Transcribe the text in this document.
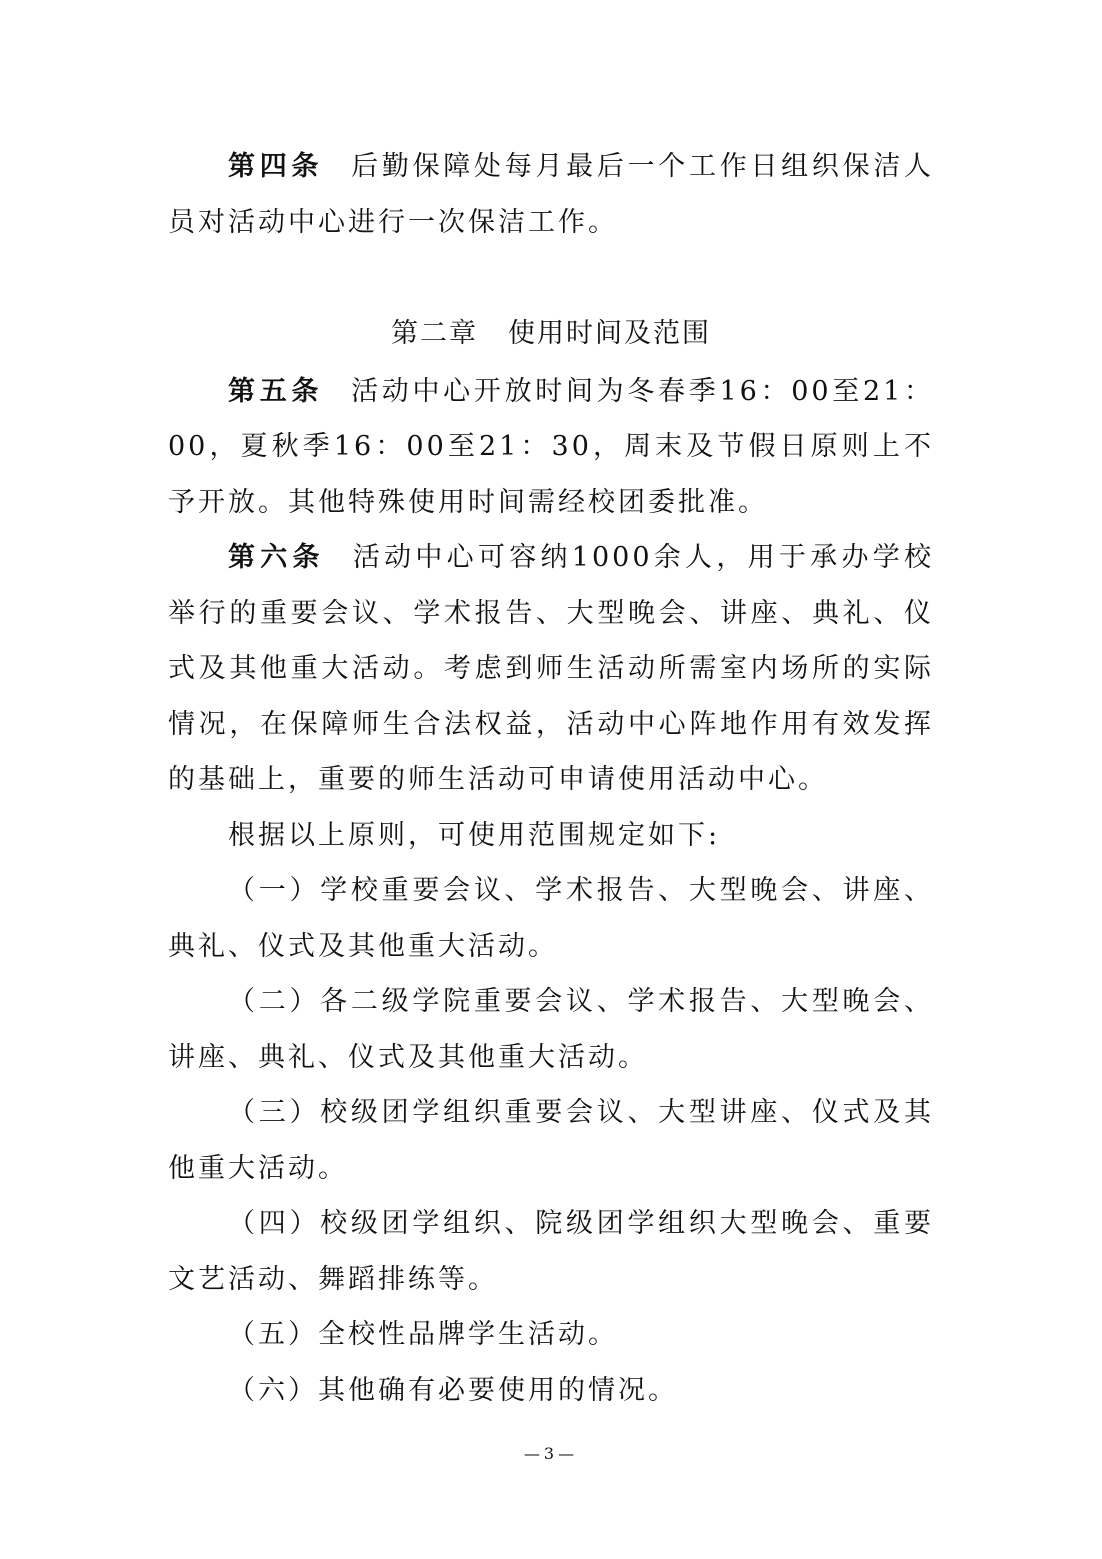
第四条 后勤保障处每月最后一个工作日组织保洁人员对活动中心进行一次保洁工作。

第二章 使用时间及范围

第五条 活动中心开放时间为冬春季16：00至21：00，夏秋季16：00至21：30，周末及节假日原则上不予开放。其他特殊使用时间需经校团委批准。

第六条 活动中心可容纳1000余人，用于承办学校举行的重要会议、学术报告、大型晚会、讲座、典礼、仪式及其他重大活动。考虑到师生活动所需室内场所的实际情况，在保障师生合法权益，活动中心阵地作用有效发挥的基础上，重要的师生活动可申请使用活动中心。

根据以上原则，可使用范围规定如下:

（一）学校重要会议、学术报告、大型晚会、讲座、典礼、仪式及其他重大活动。

（二）各二级学院重要会议、学术报告、大型晚会、讲座、典礼、仪式及其他重大活动。

（三）校级团学组织重要会议、大型讲座、仪式及其他重大活动。

（四）校级团学组织、院级团学组织大型晚会、重要文艺活动、舞蹈排练等。

（五）全校性品牌学生活动。

（六）其他确有必要使用的情况。

—3—
